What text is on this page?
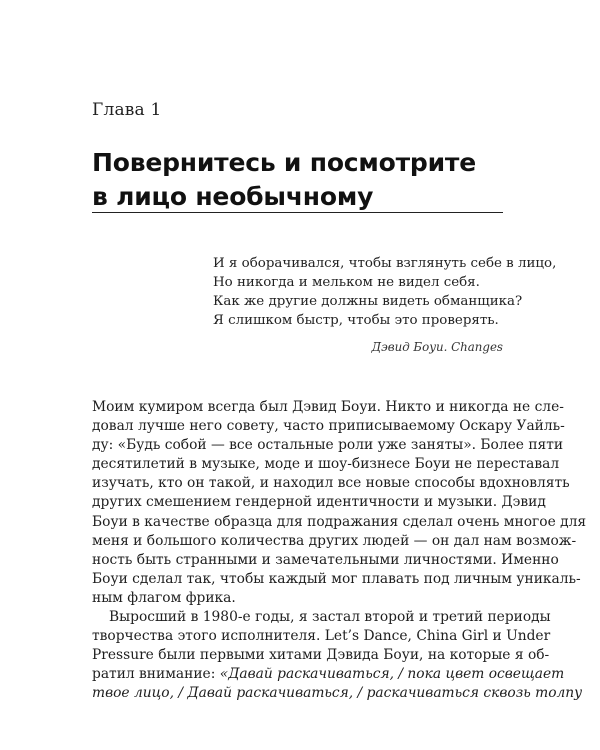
Глава 1
Повернитесь и посмотрите
в лицо необычному
И я оборачивался, чтобы взглянуть себе в лицо,
Но никогда и мельком не видел себя.
Как же другие должны видеть обманщика?
Я слишком быстр, чтобы это проверять.
Дэвид Боуи. Changes
Моим кумиром всегда был Дэвид Боуи. Никто и никогда не сле-
довал лучше него совету, часто приписываемому Оскару Уайль-
ду: «Будь собой — все остальные роли уже заняты». Более пяти
десятилетий в музыке, моде и шоу-бизнесе Боуи не переставал
изучать, кто он такой, и находил все новые способы вдохновлять
других смешением гендерной идентичности и музыки. Дэвид
Боуи в качестве образца для подражания сделал очень многое для
меня и большого количества других людей — он дал нам возмож-
ность быть странными и замечательными личностями. Именно
Боуи сделал так, чтобы каждый мог плавать под личным уникаль-
ным флагом фрика.
Выросший в 1980-е годы, я застал второй и третий периоды
творчества этого исполнителя. Let’s Dance, China Girl и Under
Pressure были первыми хитами Дэвида Боуи, на которые я об-
ратил внимание: «Давай раскачиваться, / пока цвет освещает
твое лицо, / Давай раскачиваться, / раскачиваться сквозь толпу
